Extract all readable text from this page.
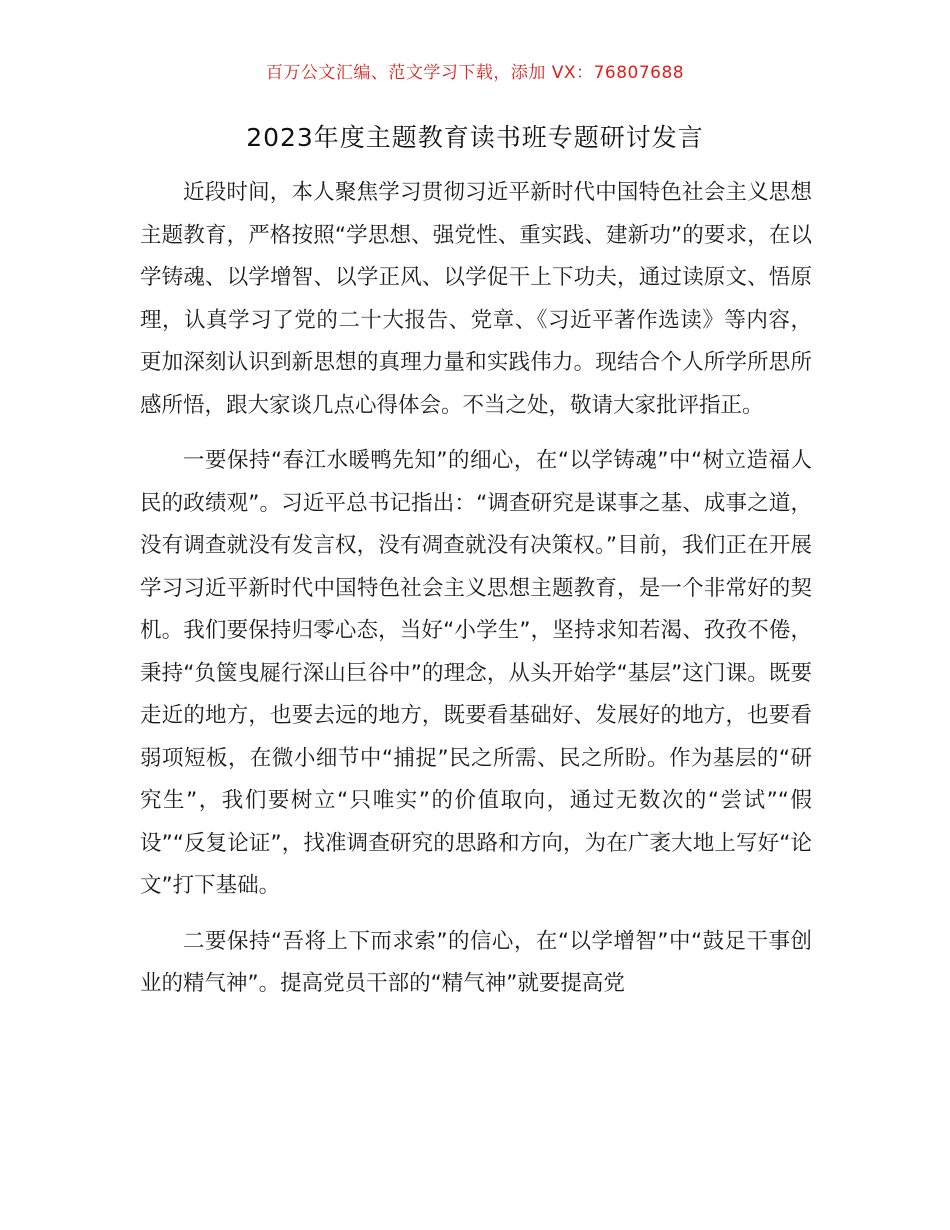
百万公文汇编、范文学习下载，添加 VX：76807688
2023年度主题教育读书班专题研讨发言

近段时间，本人聚焦学习贯彻习近平新时代中国特色社会主义思想主题教育，严格按照“学思想、强党性、重实践、建新功”的要求，在以学铸魂、以学增智、以学正风、以学促干上下功夫，通过读原文、悟原理，认真学习了党的二十大报告、党章、《习近平著作选读》等内容，更加深刻认识到新思想的真理力量和实践伟力。现结合个人所学所思所感所悟，跟大家谈几点心得体会。不当之处，敬请大家批评指正。

一要保持“春江水暖鸭先知”的细心，在“以学铸魂”中“树立造福人民的政绩观”。习近平总书记指出：“调查研究是谋事之基、成事之道，没有调查就没有发言权，没有凋查就没有决策权。”目前，我们正在开展学习习近平新时代中国特色社会主义思想主题教育，是一个非常好的契机。我们要保持归零心态，当好“小学生”，坚持求知若渴、孜孜不倦，秉持“负箧曳屣行深山巨谷中”的理念，从头开始学“基层”这门课。既要走近的地方，也要去远的地方，既要看基础好、发展好的地方，也要看弱项短板，在微小细节中“捕捉”民之所需、民之所盼。作为基层的“研究生”，我们要树立“只唯实”的价值取向，通过无数次的“尝试”“假设”“反复论证”，找准调查研究的思路和方向，为在广袤大地上写好“论文”打下基础。

二要保持“吾将上下而求索”的信心，在“以学增智”中“鼓足干事创业的精气神”。提高党员干部的“精气神”就要提高党
